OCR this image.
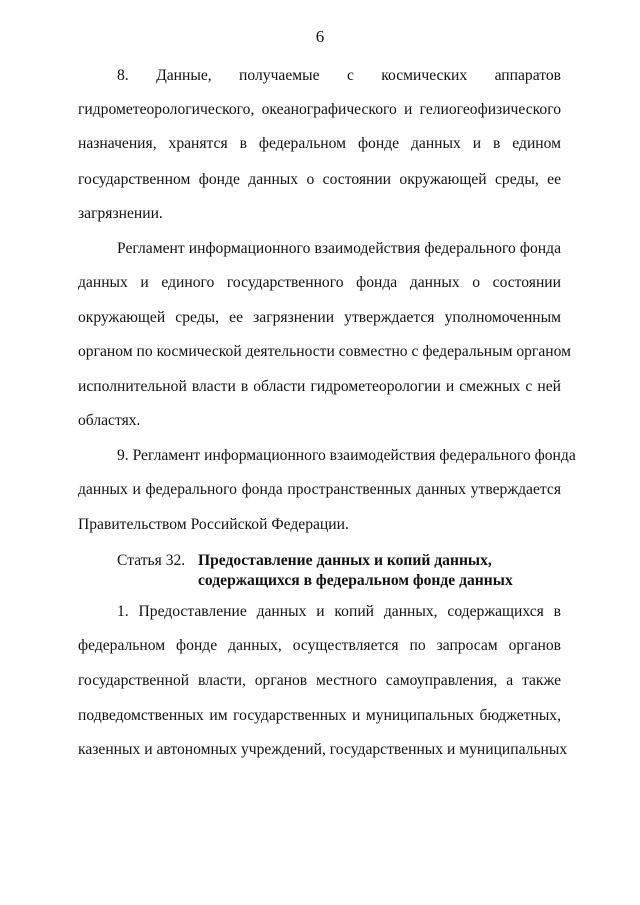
6
8. Данные, получаемые с космических аппаратов
гидрометеорологического, океанографического и гелиогеофизического
назначения, хранятся в федеральном фонде данных и в едином
государственном фонде данных о состоянии окружающей среды, ее
загрязнении.
Регламент информационного взаимодействия федерального фонда
данных и единого государственного фонда данных о состоянии
окружающей среды, ее загрязнении утверждается уполномоченным
органом по космической деятельности совместно с федеральным органом
исполнительной власти в области гидрометеорологии и смежных с ней
областях.
9. Регламент информационного взаимодействия федерального фонда
данных и федерального фонда пространственных данных утверждается
Правительством Российской Федерации.
Статья 32. Предоставление данных и копий данных,
содержащихся в федеральном фонде данных
1. Предоставление данных и копий данных, содержащихся в
федеральном фонде данных, осуществляется по запросам органов
государственной власти, органов местного самоуправления, а также
подведомственных им государственных и муниципальных бюджетных,
казенных и автономных учреждений, государственных и муниципальных
